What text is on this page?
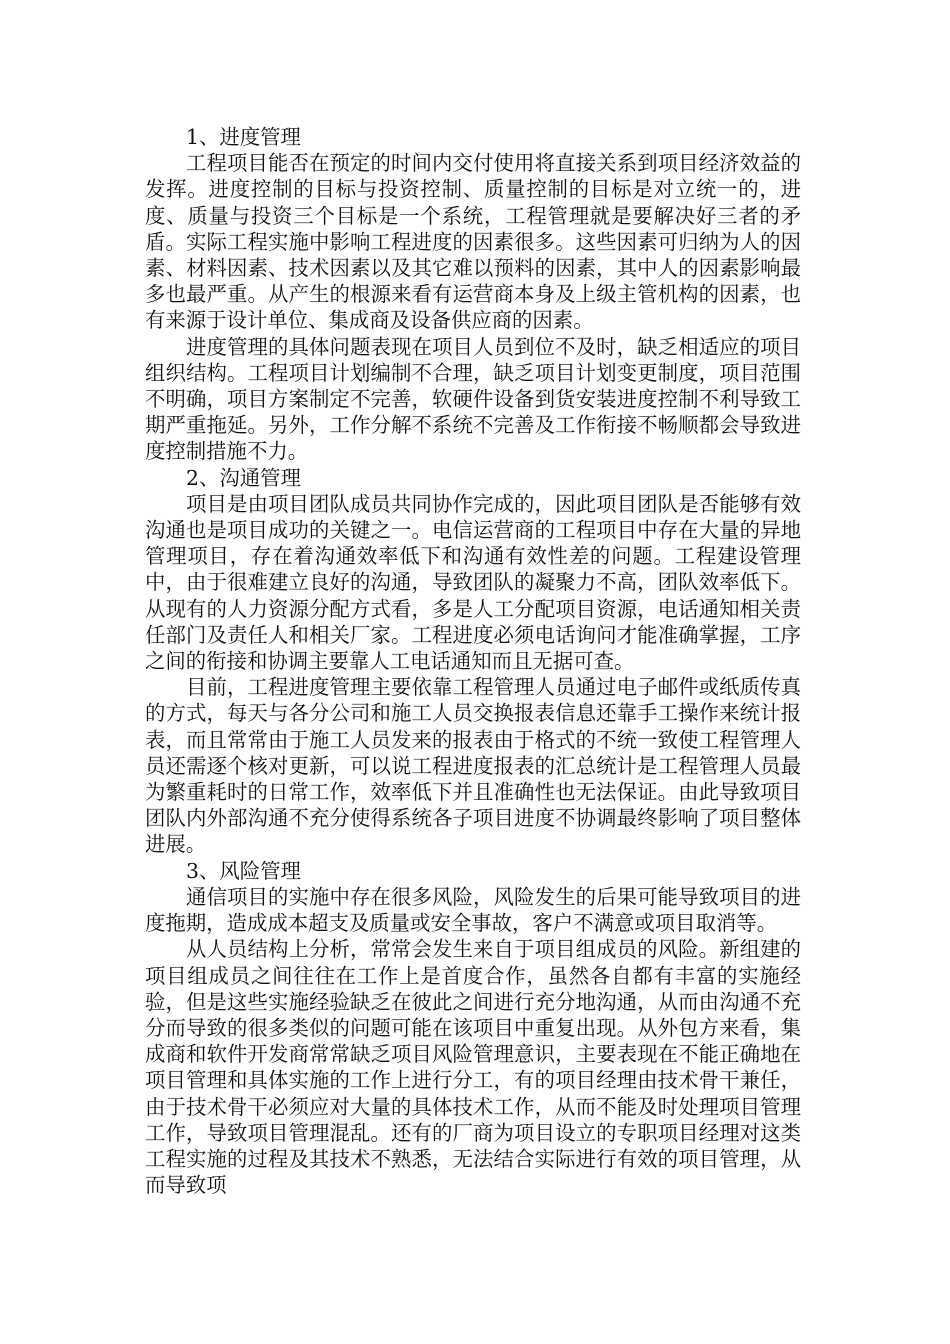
1、进度管理

工程项目能否在预定的时间内交付使用将直接关系到项目经济效益的发挥。进度控制的目标与投资控制、质量控制的目标是对立统一的，进度、质量与投资三个目标是一个系统，工程管理就是要解决好三者的矛盾。实际工程实施中影响工程进度的因素很多。这些因素可归纳为人的因素、材料因素、技术因素以及其它难以预料的因素，其中人的因素影响最多也最严重。从产生的根源来看有运营商本身及上级主管机构的因素，也有来源于设计单位、集成商及设备供应商的因素。

进度管理的具体问题表现在项目人员到位不及时，缺乏相适应的项目组织结构。工程项目计划编制不合理，缺乏项目计划变更制度，项目范围不明确，项目方案制定不完善，软硬件设备到货安装进度控制不利导致工期严重拖延。另外，工作分解不系统不完善及工作衔接不畅顺都会导致进度控制措施不力。

2、沟通管理

项目是由项目团队成员共同协作完成的，因此项目团队是否能够有效沟通也是项目成功的关键之一。电信运营商的工程项目中存在大量的异地管理项目，存在着沟通效率低下和沟通有效性差的问题。工程建设管理中，由于很难建立良好的沟通，导致团队的凝聚力不高，团队效率低下。从现有的人力资源分配方式看，多是人工分配项目资源，电话通知相关责任部门及责任人和相关厂家。工程进度必须电话询问才能准确掌握，工序之间的衔接和协调主要靠人工电话通知而且无据可查。

目前，工程进度管理主要依靠工程管理人员通过电子邮件或纸质传真的方式，每天与各分公司和施工人员交换报表信息还靠手工操作来统计报表，而且常常由于施工人员发来的报表由于格式的不统一致使工程管理人员还需逐个核对更新，可以说工程进度报表的汇总统计是工程管理人员最为繁重耗时的日常工作，效率低下并且准确性也无法保证。由此导致项目团队内外部沟通不充分使得系统各子项目进度不协调最终影响了项目整体进展。

3、风险管理

通信项目的实施中存在很多风险，风险发生的后果可能导致项目的进度拖期，造成成本超支及质量或安全事故，客户不满意或项目取消等。

从人员结构上分析，常常会发生来自于项目组成员的风险。新组建的项目组成员之间往往在工作上是首度合作，虽然各自都有丰富的实施经验，但是这些实施经验缺乏在彼此之间进行充分地沟通，从而由沟通不充分而导致的很多类似的问题可能在该项目中重复出现。从外包方来看，集成商和软件开发商常常缺乏项目风险管理意识，主要表现在不能正确地在项目管理和具体实施的工作上进行分工，有的项目经理由技术骨干兼任，由于技术骨干必须应对大量的具体技术工作，从而不能及时处理项目管理工作，导致项目管理混乱。还有的厂商为项目设立的专职项目经理对这类工程实施的过程及其技术不熟悉，无法结合实际进行有效的项目管理，从而导致项
